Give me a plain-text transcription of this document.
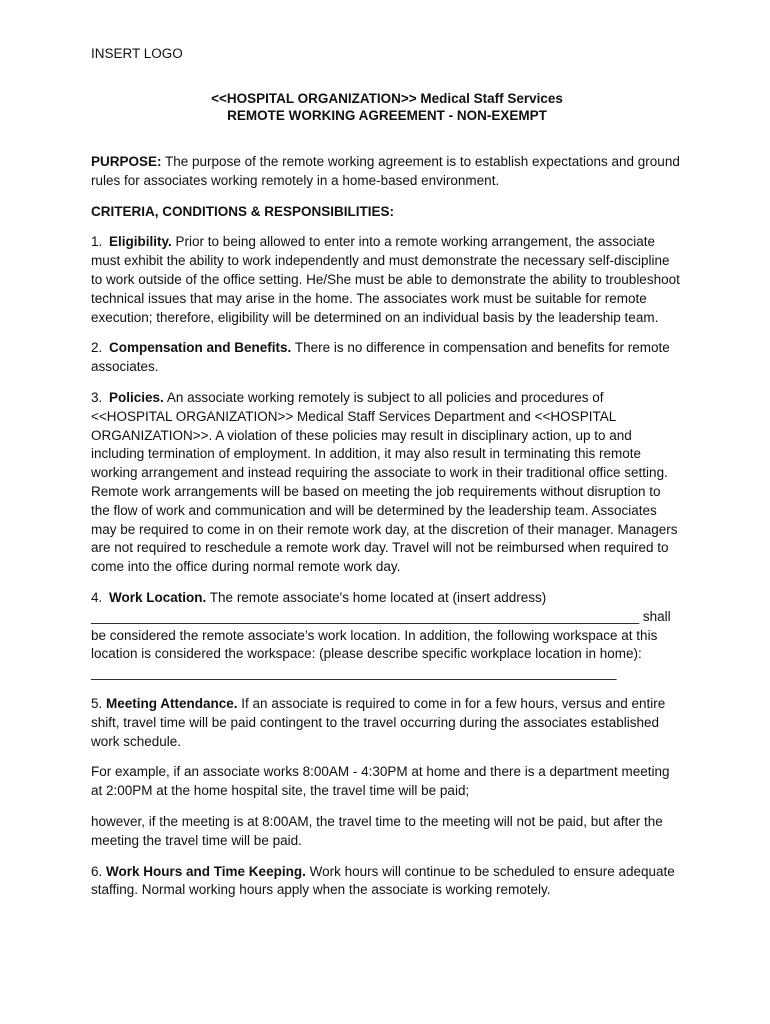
INSERT LOGO
<<HOSPITAL ORGANIZATION>> Medical Staff Services
REMOTE WORKING AGREEMENT - NON-EXEMPT

PURPOSE: The purpose of the remote working agreement is to establish expectations and ground rules for associates working remotely in a home-based environment.

CRITERIA, CONDITIONS & RESPONSIBILITIES:

1. Eligibility. Prior to being allowed to enter into a remote working arrangement, the associate must exhibit the ability to work independently and must demonstrate the necessary self-discipline to work outside of the office setting. He/She must be able to demonstrate the ability to troubleshoot technical issues that may arise in the home. The associates work must be suitable for remote execution; therefore, eligibility will be determined on an individual basis by the leadership team.

2. Compensation and Benefits. There is no difference in compensation and benefits for remote associates.

3. Policies. An associate working remotely is subject to all policies and procedures of <<HOSPITAL ORGANIZATION>> Medical Staff Services Department and <<HOSPITAL ORGANIZATION>>. A violation of these policies may result in disciplinary action, up to and including termination of employment. In addition, it may also result in terminating this remote working arrangement and instead requiring the associate to work in their traditional office setting. Remote work arrangements will be based on meeting the job requirements without disruption to the flow of work and communication and will be determined by the leadership team. Associates may be required to come in on their remote work day, at the discretion of their manager. Managers are not required to reschedule a remote work day. Travel will not be reimbursed when required to come into the office during normal remote work day.

4. Work Location. The remote associate's home located at (insert address) _________________________________________________________________________ shall be considered the remote associate’s work location. In addition, the following workspace at this location is considered the workspace: (please describe specific workplace location in home): ______________________________________________________________________

5. Meeting Attendance. If an associate is required to come in for a few hours, versus and entire shift, travel time will be paid contingent to the travel occurring during the associates established work schedule.

For example, if an associate works 8:00AM - 4:30PM at home and there is a department meeting at 2:00PM at the home hospital site, the travel time will be paid;

however, if the meeting is at 8:00AM, the travel time to the meeting will not be paid, but after the meeting the travel time will be paid.

6. Work Hours and Time Keeping. Work hours will continue to be scheduled to ensure adequate staffing. Normal working hours apply when the associate is working remotely.
